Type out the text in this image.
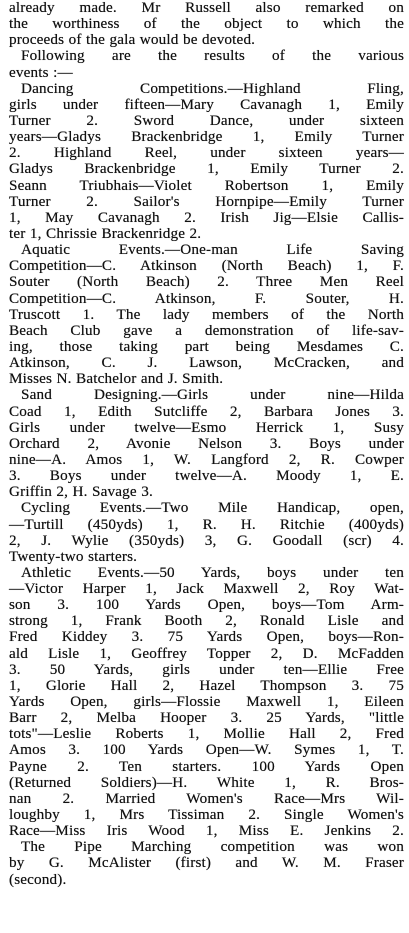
already made. Mr Russell also remarked on
the worthiness of the object to which the
proceeds of the gala would be devoted.
Following are the results of the various
events :—
Dancing Competitions.—Highland Fling,
girls under fifteen—Mary Cavanagh 1, Emily
Turner 2. Sword Dance, under sixteen
years—Gladys Brackenbridge 1, Emily Turner
2. Highland Reel, under sixteen years—
Gladys Brackenbridge 1, Emily Turner 2.
Seann Triubhais—Violet Robertson 1, Emily
Turner 2. Sailor's Hornpipe—Emily Turner
1, May Cavanagh 2. Irish Jig—Elsie Callis-
ter 1, Chrissie Brackenridge 2.
Aquatic Events.—One-man Life Saving
Competition—C. Atkinson (North Beach) 1, F.
Souter (North Beach) 2. Three Men Reel
Competition—C. Atkinson, F. Souter, H.
Truscott 1. The lady members of the North
Beach Club gave a demonstration of life-sav-
ing, those taking part being Mesdames C.
Atkinson, C. J. Lawson, McCracken, and
Misses N. Batchelor and J. Smith.
Sand Designing.—Girls under nine—Hilda
Coad 1, Edith Sutcliffe 2, Barbara Jones 3.
Girls under twelve—Esmo Herrick 1, Susy
Orchard 2, Avonie Nelson 3. Boys under
nine—A. Amos 1, W. Langford 2, R. Cowper
3. Boys under twelve—A. Moody 1, E.
Griffin 2, H. Savage 3.
Cycling Events.—Two Mile Handicap, open,
—Turtill (450yds) 1, R. H. Ritchie (400yds)
2, J. Wylie (350yds) 3, G. Goodall (scr) 4.
Twenty-two starters.
Athletic Events.—50 Yards, boys under ten
—Victor Harper 1, Jack Maxwell 2, Roy Wat-
son 3. 100 Yards Open, boys—Tom Arm-
strong 1, Frank Booth 2, Ronald Lisle and
Fred Kiddey 3. 75 Yards Open, boys—Ron-
ald Lisle 1, Geoffrey Topper 2, D. McFadden
3. 50 Yards, girls under ten—Ellie Free
1, Glorie Hall 2, Hazel Thompson 3. 75
Yards Open, girls—Flossie Maxwell 1, Eileen
Barr 2, Melba Hooper 3. 25 Yards, "little
tots"—Leslie Roberts 1, Mollie Hall 2, Fred
Amos 3. 100 Yards Open—W. Symes 1, T.
Payne 2. Ten starters. 100 Yards Open
(Returned Soldiers)—H. White 1, R. Bros-
nan 2. Married Women's Race—Mrs Wil-
loughby 1, Mrs Tissiman 2. Single Women's
Race—Miss Iris Wood 1, Miss E. Jenkins 2.
The Pipe Marching competition was won
by G. McAlister (first) and W. M. Fraser
(second).
